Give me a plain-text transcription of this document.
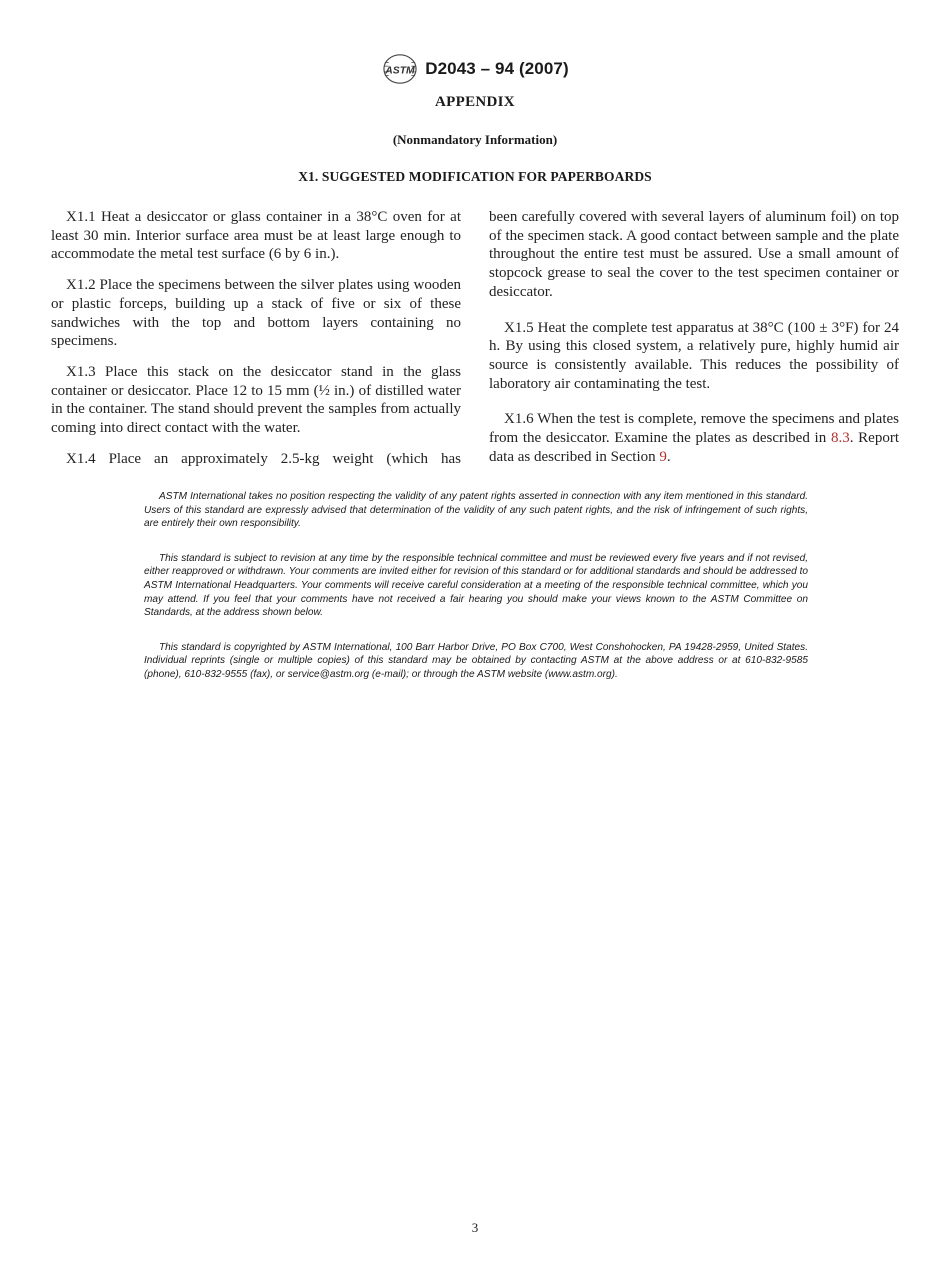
ASTM D2043 – 94 (2007)
APPENDIX
(Nonmandatory Information)
X1. SUGGESTED MODIFICATION FOR PAPERBOARDS

X1.1 Heat a desiccator or glass container in a 38°C oven for at least 30 min. Interior surface area must be at least large enough to accommodate the metal test surface (6 by 6 in.).

X1.2 Place the specimens between the silver plates using wooden or plastic forceps, building up a stack of five or six of these sandwiches with the top and bottom layers containing no specimens.

X1.3 Place this stack on the desiccator stand in the glass container or desiccator. Place 12 to 15 mm (½ in.) of distilled water in the container. The stand should prevent the samples from actually coming into direct contact with the water.

X1.4 Place an approximately 2.5-kg weight (which has

been carefully covered with several layers of aluminum foil) on top of the specimen stack. A good contact between sample and the plate throughout the entire test must be assured. Use a small amount of stopcock grease to seal the cover to the test specimen container or desiccator.

X1.5 Heat the complete test apparatus at 38°C (100 ± 3°F) for 24 h. By using this closed system, a relatively pure, highly humid air source is consistently available. This reduces the possibility of laboratory air contaminating the test.

X1.6 When the test is complete, remove the specimens and plates from the desiccator. Examine the plates as described in 8.3. Report data as described in Section 9.

ASTM International takes no position respecting the validity of any patent rights asserted in connection with any item mentioned in this standard. Users of this standard are expressly advised that determination of the validity of any such patent rights, and the risk of infringement of such rights, are entirely their own responsibility.

This standard is subject to revision at any time by the responsible technical committee and must be reviewed every five years and if not revised, either reapproved or withdrawn. Your comments are invited either for revision of this standard or for additional standards and should be addressed to ASTM International Headquarters. Your comments will receive careful consideration at a meeting of the responsible technical committee, which you may attend. If you feel that your comments have not received a fair hearing you should make your views known to the ASTM Committee on Standards, at the address shown below.

This standard is copyrighted by ASTM International, 100 Barr Harbor Drive, PO Box C700, West Conshohocken, PA 19428-2959, United States. Individual reprints (single or multiple copies) of this standard may be obtained by contacting ASTM at the above address or at 610-832-9585 (phone), 610-832-9555 (fax), or service@astm.org (e-mail); or through the ASTM website (www.astm.org).

3
